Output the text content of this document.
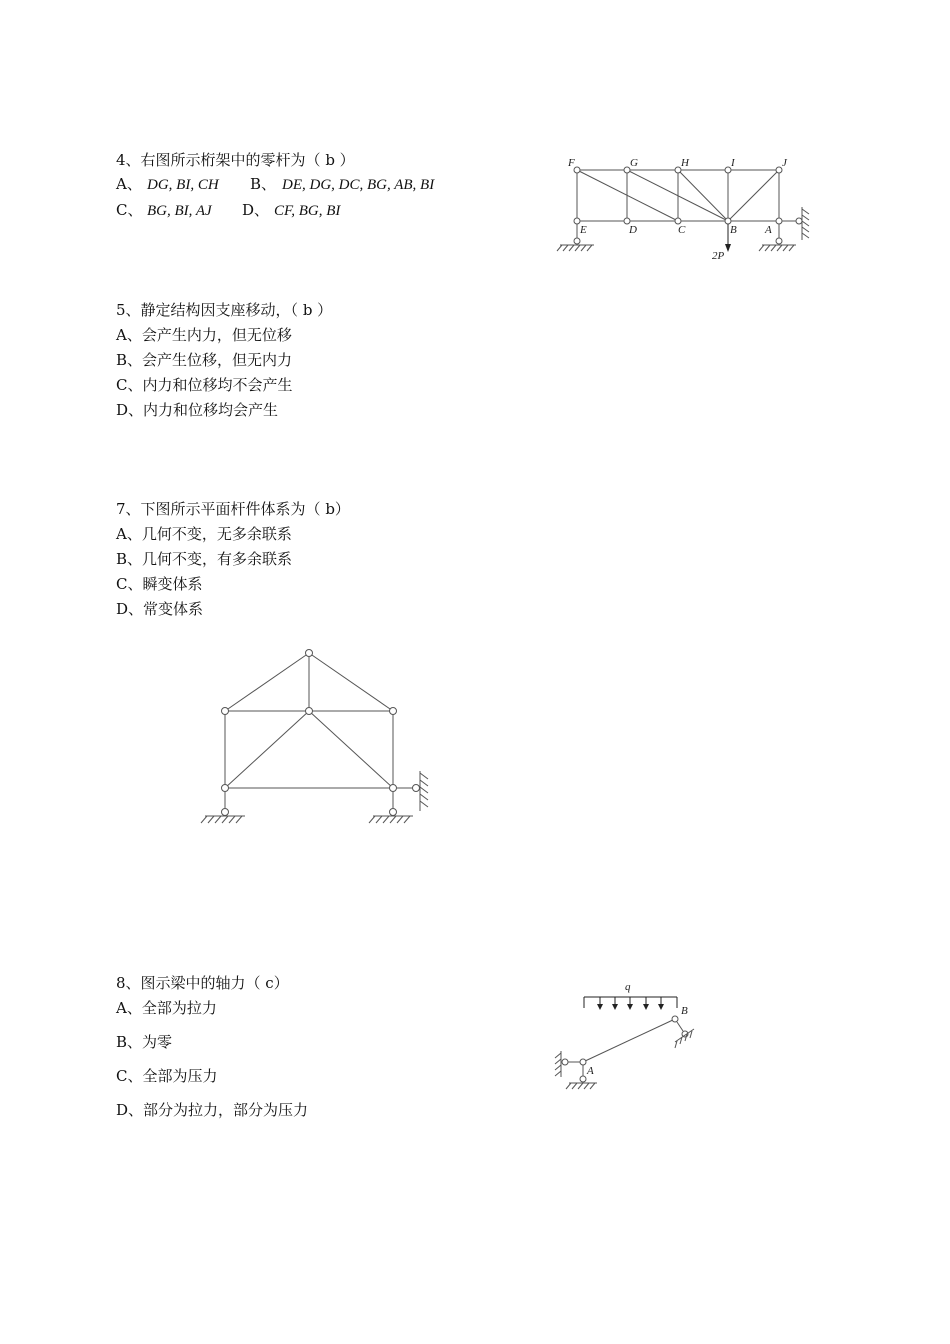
4、右图所示桁架中的零杆为（ b ）
A、 DG, BI, CH B、 DE, DG, DC, BG, AB, BI
C、 BG, BI, AJ D、 CF, BG, BI
F	G	H	I	J
E	D	C	B	A
2P
5、静定结构因支座移动，（ b ）
A、会产生内力，但无位移
B、会产生位移，但无内力
C、内力和位移均不会产生
D、内力和位移均会产生
7、下图所示平面杆件体系为（ b）
A、几何不变，无多余联系
B、几何不变，有多余联系
C、瞬变体系
D、常变体系
8、图示梁中的轴力（ c）
A、全部为拉力
B、为零
C、全部为压力
D、部分为拉力，部分为压力
q
A
B
